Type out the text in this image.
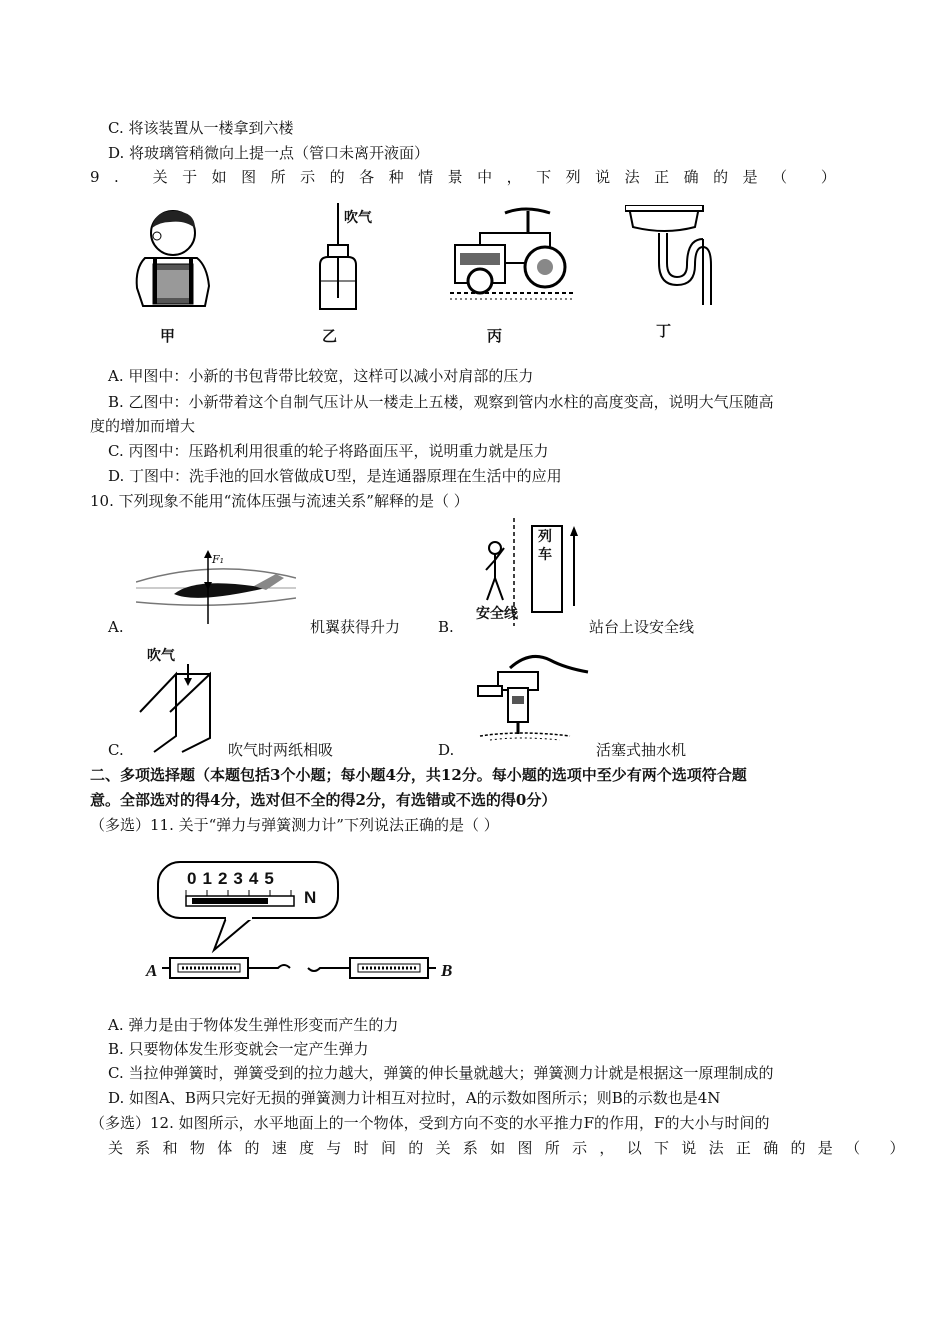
C. 将该装置从一楼拿到六楼
D. 将玻璃管稍微向上提一点（管口未离开液面）
9. 关于如图所示的各种情景中，下列说法正确的是（ ）
甲
吹气
乙	丙	丁
A. 甲图中：小新的书包背带比较宽，这样可以减小对肩部的压力
B. 乙图中：小新带着这个自制气压计从一楼走上五楼，观察到管内水柱的高度变高，说明大气压随高
度的增加而增大
C. 丙图中：压路机利用很重的轮子将路面压平，说明重力就是压力
D. 丁图中：洗手池的回水管做成U型，是连通器原理在生活中的应用
10. 下列现象不能用“流体压强与流速关系”解释的是（ ）
F₁
A.	机翼获得升力
列车
安全线
B.	站台上设安全线
吹气
C.	吹气时两纸相吸	D.	活塞式抽水机
二、多项选择题（本题包括3个小题；每小题4分，共12分。每小题的选项中至少有两个选项符合题
意。全部选对的得4分，选对但不全的得2分，有选错或不选的得0分）
（多选）11. 关于“弹力与弹簧测力计”下列说法正确的是（ ）
012345
N
A	B
A. 弹力是由于物体发生弹性形变而产生的力
B. 只要物体发生形变就会一定产生弹力
C. 当拉伸弹簧时，弹簧受到的拉力越大，弹簧的伸长量就越大；弹簧测力计就是根据这一原理制成的
D. 如图A、B两只完好无损的弹簧测力计相互对拉时，A的示数如图所示；则B的示数也是4N
（多选）12. 如图所示，水平地面上的一个物体，受到方向不变的水平推力F的作用，F的大小与时间的
关系和物体的速度与时间的关系如图所示，以下说法正确的是（ ）
